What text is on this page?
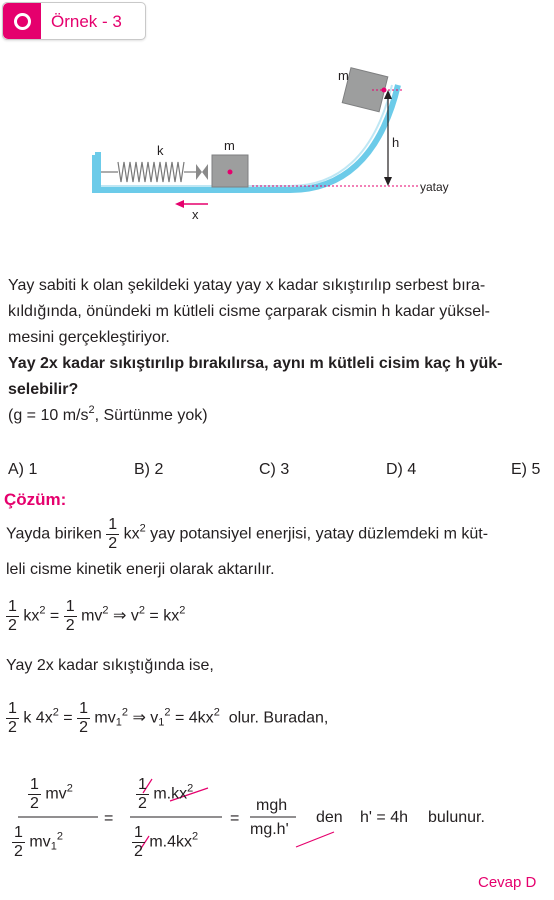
Örnek - 3
k	m
yatay
m
h
x
Yay sabiti k olan şekildeki yatay yay x kadar sıkıştırılıp serbest bıra-
kıldığında, önündeki m kütleli cisme çarparak cismin h kadar yüksel-
mesini gerçekleştiriyor.
Yay 2x kadar sıkıştırılıp bırakılırsa, aynı m kütleli cisim kaç h yük-
selebilir?
(g = 10 $m/s^2$, Sürtünme yok)
A) 1	B) 2	C) 3	D) 4	E) 5
Çözüm:
Yayda biriken $\frac{1}{2} kx^2$ yay potansiyel enerjisi, yatay düzlemdeki m küt-
leli cisme kinetik enerji olarak aktarılır.
$\frac{1}{2} kx^2 = \frac{1}{2} mv^2$ ⇒ $v^2 = kx^2$
Yay 2x kadar sıkıştığında ise,
$\frac{1}{2}$ k $4x^2 = \frac{1}{2} mv_1^2$ ⇒ $v_1^2 = 4kx^2$ olur. Buradan,
$\frac{1}{2} mv^2$
$\frac{1}{2} mv_1^2$
=
$\frac{1}{2} m.kx^2$
$\frac{1}{2} m.4kx^2$
=
mgh
mg.h'
den h' = 4h bulunur.
Cevap D
